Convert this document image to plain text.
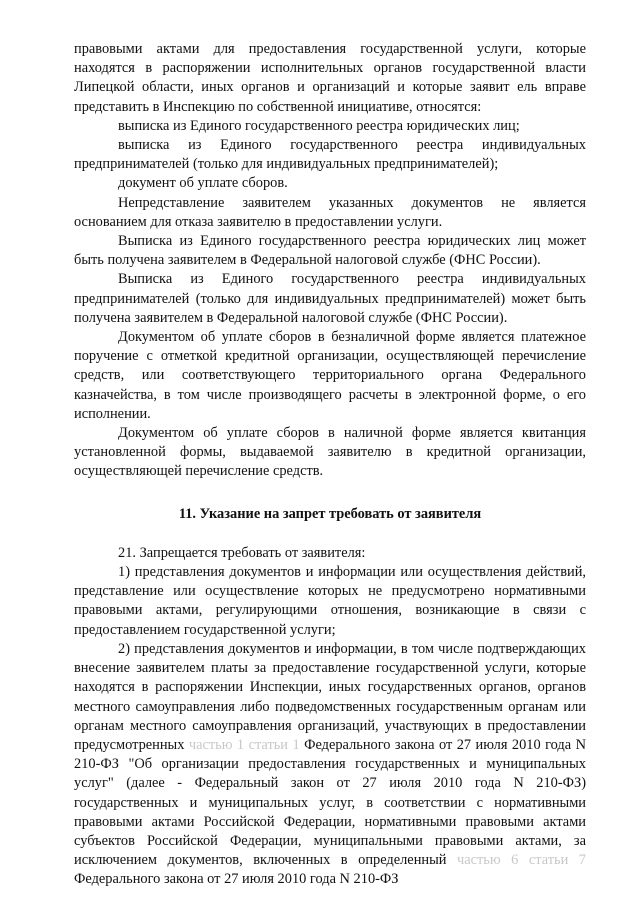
правовыми актами для предоставления государственной услуги, которые находятся в распоряжении исполнительных органов государственной власти Липецкой области, иных органов и организаций и которые заявит ель вправе представить в Инспекцию по собственной инициативе, относятся:

выписка из Единого государственного реестра юридических лиц;

выписка из Единого государственного реестра индивидуальных предпринимателей (только для индивидуальных предпринимателей);

документ об уплате сборов.

Непредставление заявителем указанных документов не является основанием для отказа заявителю в предоставлении услуги.

Выписка из Единого государственного реестра юридических лиц может быть получена заявителем в Федеральной налоговой службе (ФНС России).

Выписка из Единого государственного реестра индивидуальных предпринимателей (только для индивидуальных предпринимателей) может быть получена заявителем в Федеральной налоговой службе (ФНС России).

Документом об уплате сборов в безналичной форме является платежное поручение с отметкой кредитной организации, осуществляющей перечисление средств, или соответствующего территориального органа Федерального казначейства, в том числе производящего расчеты в электронной форме, о его исполнении.

Документом об уплате сборов в наличной форме является квитанция установленной формы, выдаваемой заявителю в кредитной организации, осуществляющей перечисление средств.

11. Указание на запрет требовать от заявителя

21. Запрещается требовать от заявителя:

1) представления документов и информации или осуществления действий, представление или осуществление которых не предусмотрено нормативными правовыми актами, регулирующими отношения, возникающие в связи с предоставлением государственной услуги;

2) представления документов и информации, в том числе подтверждающих внесение заявителем платы за предоставление государственной услуги, которые находятся в распоряжении Инспекции, иных государственных органов, органов местного самоуправления либо подведомственных государственным органам или органам местного самоуправления организаций, участвующих в предоставлении предусмотренных частью 1 статьи 1 Федерального закона от 27 июля 2010 года N 210-ФЗ "Об организации предоставления государственных и муниципальных услуг" (далее - Федеральный закон от 27 июля 2010 года N 210-ФЗ) государственных и муниципальных услуг, в соответствии с нормативными правовыми актами Российской Федерации, нормативными правовыми актами субъектов Российской Федерации, муниципальными правовыми актами, за исключением документов, включенных в определенный частью 6 статьи 7 Федерального закона от 27 июля 2010 года N 210-ФЗ
